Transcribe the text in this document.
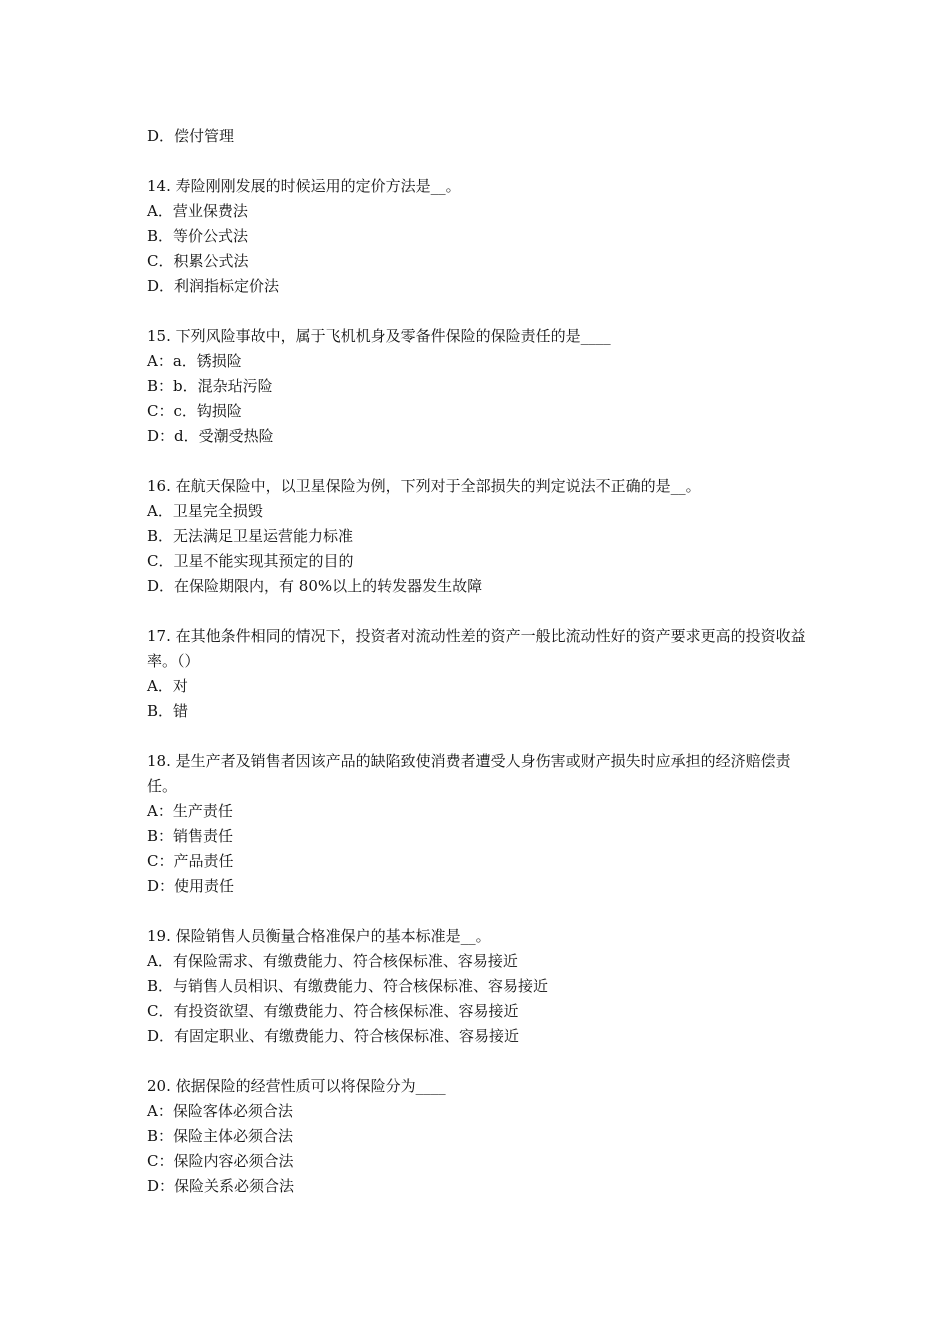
D．偿付管理
14. 寿险刚刚发展的时候运用的定价方法是__。
A．营业保费法
B．等价公式法
C．积累公式法
D．利润指标定价法
15. 下列风险事故中，属于飞机机身及零备件保险的保险责任的是____
A：a．锈损险
B：b．混杂玷污险
C：c．钩损险
D：d．受潮受热险
16. 在航天保险中，以卫星保险为例，下列对于全部损失的判定说法不正确的是__。
A．卫星完全损毁
B．无法满足卫星运营能力标准
C．卫星不能实现其预定的目的
D．在保险期限内，有 80%以上的转发器发生故障
17. 在其他条件相同的情况下，投资者对流动性差的资产一般比流动性好的资产要求更高的投资收益率。（）
A．对
B．错
18. 是生产者及销售者因该产品的缺陷致使消费者遭受人身伤害或财产损失时应承担的经济赔偿责任。
A：生产责任
B：销售责任
C：产品责任
D：使用责任
19. 保险销售人员衡量合格准保户的基本标准是__。
A．有保险需求、有缴费能力、符合核保标准、容易接近
B．与销售人员相识、有缴费能力、符合核保标准、容易接近
C．有投资欲望、有缴费能力、符合核保标准、容易接近
D．有固定职业、有缴费能力、符合核保标准、容易接近
20. 依据保险的经营性质可以将保险分为____
A：保险客体必须合法
B：保险主体必须合法
C：保险内容必须合法
D：保险关系必须合法
